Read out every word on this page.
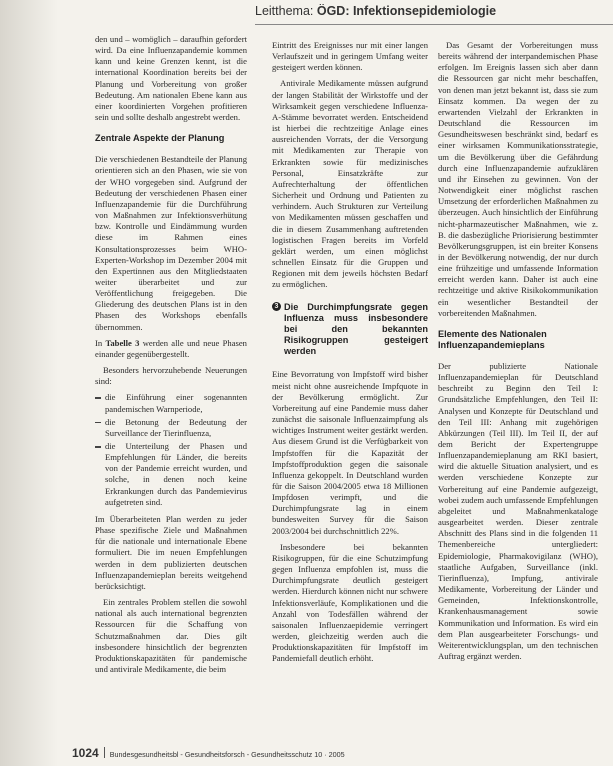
Leitthema: ÖGD: Infektionsepidemiologie

den und – womöglich – daraufhin gefordert wird. Da eine Influenzapandemie kommen kann und keine Grenzen kennt, ist die international Koordination bereits bei der Planung und Vorbereitung von großer Bedeutung. Am nationalen Ebene kann aus einer koordinierten Vorgehen profitieren sein und sollte deshalb angestrebt werden.

Zentrale Aspekte der Planung

Die verschiedenen Bestandteile der Planung orientieren sich an den Phasen, wie sie von der WHO vorgegeben sind. Aufgrund der Bedeutung der verschiedenen Phasen einer Influenzapandemie für die Durchführung von Maßnahmen zur Infektionsverhütung bzw. Kontrolle und Eindämmung wurden diese im Rahmen eines Konsultationsprozesses beim WHO-Experten-Workshop im Dezember 2004 mit den Expertinnen aus den Mitgliedstaaten weiter überarbeitet und zur Veröffentlichung freigegeben. Die Gliederung des deutschen Plans ist in den Phasen des Workshops ebenfalls übernommen.

In Tabelle 3 werden alle und neue Phasen einander gegenübergestellt.

Besonders hervorzuhebende Neuerungen sind:

die Einführung einer sogenannten pandemischen Warnperiode,
die Betonung der Bedeutung der Surveillance der Tierinfluenza,
die Unterteilung der Phasen und Empfehlungen für Länder, die bereits von der Pandemie erreicht wurden, und solche, in denen noch keine Erkrankungen durch das Pandemievirus aufgetreten sind.

Im Überarbeiteten Plan werden zu jeder Phase spezifische Ziele und Maßnahmen für die nationale und internationale Ebene formuliert. Die im neuen Empfehlungen werden in dem publizierten deutschen Influenzapandemieplan bereits weitgehend berücksichtigt.

Ein zentrales Problem stellen die sowohl national als auch international begrenzten Ressourcen für die Schaffung von Schutzmaßnahmen dar. Dies gilt insbesondere hinsichtlich der begrenzten Produktionskapazitäten für pandemische und antivirale Medikamente, die beim

Eintritt des Ereignisses nur mit einer langen Verlaufszeit und in geringem Umfang weiter gesteigert werden können.

Antivirale Medikamente müssen aufgrund der langen Stabilität der Wirkstoffe und der Wirksamkeit gegen verschiedene Influenza-A-Stämme bevorratet werden. Entscheidend ist hierbei die rechtzeitige Anlage eines ausreichenden Vorrats, der die Versorgung mit Medikamenten zur Therapie von Erkrankten sowie für medizinisches Personal, Einsatzkräfte zur Aufrechterhaltung der öffentlichen Sicherheit und Ordnung und Patienten zu verhindern. Auch Strukturen zur Verteilung von Medikamenten müssen geschaffen und die in diesem Zusammenhang auftretenden logistischen Fragen bereits im Vorfeld geklärt werden, um einen möglichst schnellen Einsatz für die Gruppen und Regionen mit dem jeweils höchsten Bedarf zu ermöglichen.

3 Die Durchimpfungsrate gegen Influenza muss insbesondere bei den bekannten Risikogruppen gesteigert werden

Eine Bevorratung von Impfstoff wird bisher meist nicht ohne ausreichende Impfquote in der Bevölkerung ermöglicht. Zur Vorbereitung auf eine Pandemie muss daher zunächst die saisonale Influenzaimpfung als wichtiges Instrument weiter gestärkt werden. Aus diesem Grund ist die Verfügbarkeit von Impfstoffen für die Kapazität der Impfstoffproduktion gegen die saisonale Influenza gekoppelt. In Deutschland wurden für die Saison 2004/2005 etwa 18 Millionen Impfdosen verimpft, und die Durchimpfungsrate lag in einem bundesweiten Survey für die Saison 2003/2004 bei durchschnittlich 22%.

Insbesondere bei bekannten Risikogruppen, für die eine Schutzimpfung gegen Influenza empfohlen ist, muss die Durchimpfungsrate deutlich gesteigert werden. Hierdurch können nicht nur schwere Infektionsverläufe, Komplikationen und die Anzahl von Todesfällen während der saisonalen Influenzaepidemie verringert werden, gleichzeitig werden auch die Produktionskapazitäten für Impfstoff im Pandemiefall deutlich erhöht.

Das Gesamt der Vorbereitungen muss bereits während der interpandemischen Phase erfolgen. Im Ereignis lassen sich aber dann die Ressourcen gar nicht mehr beschaffen, von denen man jetzt bekannt ist, dass sie zum Einsatz kommen. Da wegen der zu erwartenden Vielzahl der Erkrankten in Deutschland die Ressourcen im Gesundheitswesen beschränkt sind, bedarf es einer wirksamen Kommunikationsstrategie, um die Bevölkerung über die Gefährdung durch eine Influenzapandemie aufzuklären und ihr Einsehen zu gewinnen. Von der Notwendigkeit einer möglichst raschen Umsetzung der erforderlichen Maßnahmen zu überzeugen. Auch hinsichtlich der Einführung nicht-pharmazeutischer Maßnahmen, wie z. B. die dasbezügliche Priorisierung bestimmter Bevölkerungsgruppen, ist ein breiter Konsens in der Bevölkerung notwendig, der nur durch eine frühzeitige und umfassende Information erreicht werden kann. Daher ist auch eine rechtzeitige und aktive Risikokommunikation ein wesentlicher Bestandteil der vorbereitenden Maßnahmen.

Elemente des Nationalen
Influenzapandemieplans

Der publizierte Nationale Influenzapandemieplan für Deutschland beschreibt zu Beginn den Teil I: Grundsätzliche Empfehlungen, den Teil II: Analysen und Konzepte für Deutschland und den Teil III: Anhang mit zugehörigen Abkürzungen (Teil III). Im Teil II, der auf dem Bericht der Expertengruppe Influenzapandemieplanung am RKI basiert, wird die aktuelle Situation analysiert, und es werden verschiedene Konzepte zur Vorbereitung auf eine Pandemie aufgezeigt, wobei zudem auch umfassende Empfehlungen abgeleitet und Maßnahmenkataloge ausgearbeitet werden. Dieser zentrale Abschnitt des Plans sind in die folgenden 11 Themenbereiche untergliedert: Epidemiologie, Pharmakovigilanz (WHO), staatliche Aufgaben, Surveillance (inkl. Tierinfluenza), Impfung, antivirale Medikamente, Vorbereitung der Länder und Gemeinden, Infektionskontrolle, Krankenhausmanagement sowie Kommunikation und Information. Es wird ein dem Plan ausgearbeiteter Forschungs- und Weiterentwicklungsplan, um den technischen Auftrag ergänzt werden.

1024 Bundesgesundheitsbl - Gesundheitsforsch - Gesundheitsschutz 10 · 2005
